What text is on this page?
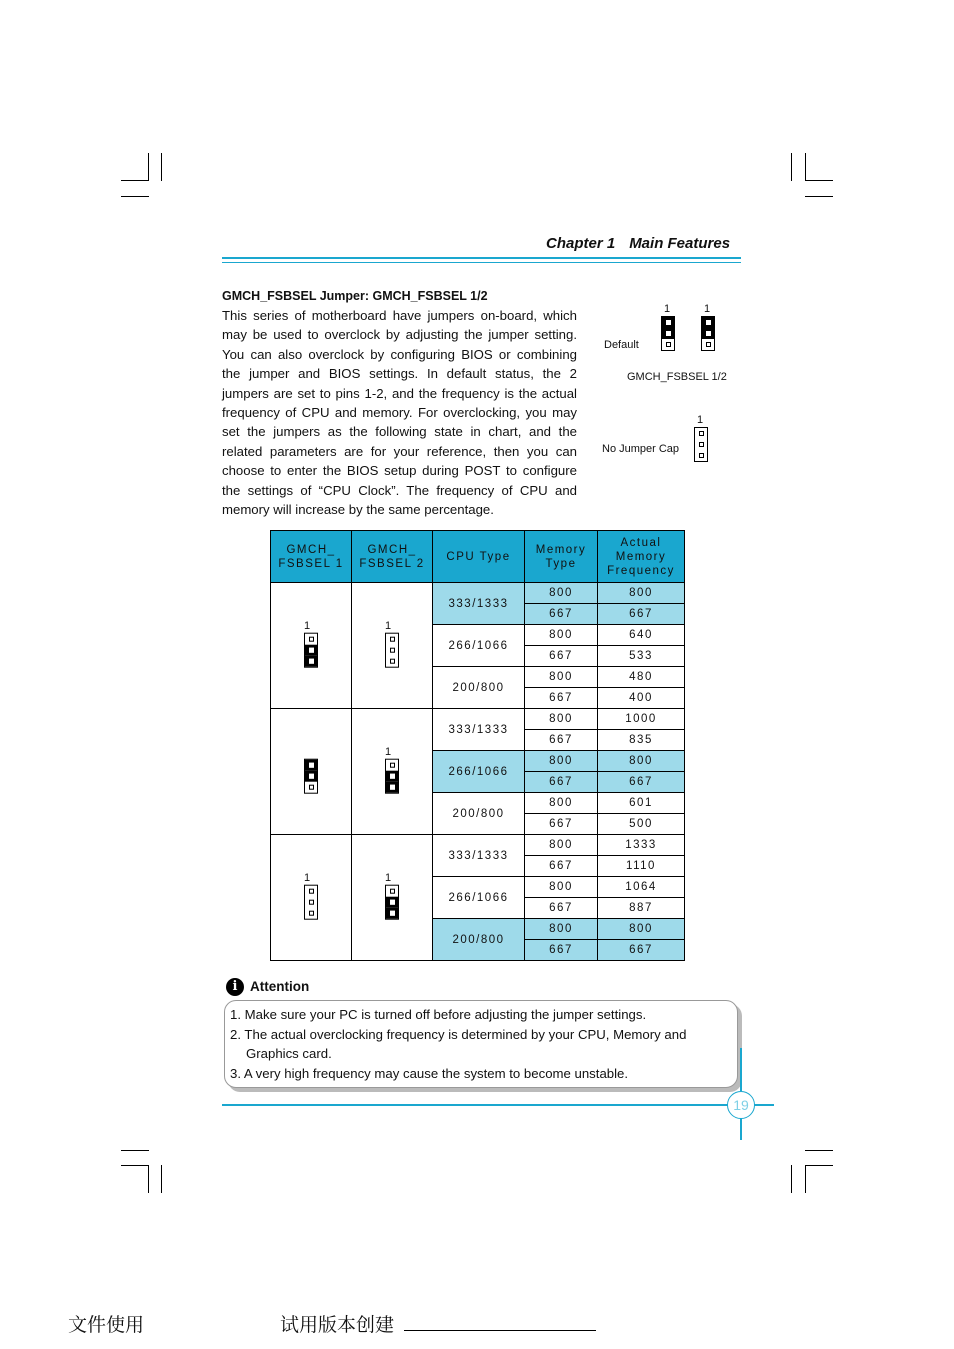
Chapter 1 Main Features
GMCH_FSBSEL Jumper: GMCH_FSBSEL 1/2
This series of motherboard have jumpers on-board, which may be used to overclock by adjusting the jumper setting. You can also overclock by configuring BIOS or combining the jumper and BIOS settings. In default status, the 2 jumpers are set to pins 1-2, and the frequency is the actual frequency of CPU and memory. For overclocking, you may set the jumpers as the following state in chart, and the related parameters are for your reference, then you can choose to enter the BIOS setup during POST to configure the settings of “CPU Clock”. The frequency of CPU and memory will increase by the same percentage.
1	1
Default
GMCH_FSBSEL 1/2
1
No Jumper Cap
GMCH_ FSBSEL 1	GMCH_ FSBSEL 2	CPU Type	Memory Type	Actual Memory Frequency

1	1	333/1333	800	800
			667	667
		266/1066	800	640
			667	533
		200/800	800	480
			667	400

	1	333/1333	800	1000
			667	835
		266/1066	800	800
			667	667
		200/800	800	601
			667	500

1	1	333/1333	800	1333
			667	1110
		266/1066	800	1064
			667	887
		200/800	800	800
			667	667
i Attention
1. Make sure your PC is turned off before adjusting the jumper settings.
2. The actual overclocking frequency is determined by your CPU, Memory and
Graphics card.
3. A very high frequency may cause the system to become unstable.
19
文件使用	试用版本创建
